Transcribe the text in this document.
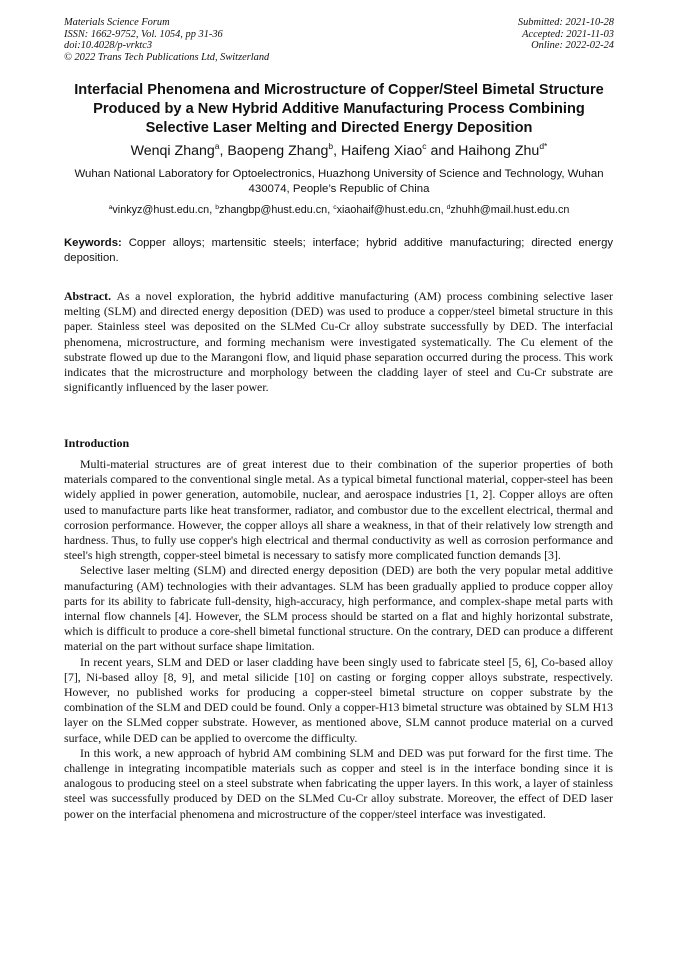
Materials Science Forum
ISSN: 1662-9752, Vol. 1054, pp 31-36
doi:10.4028/p-vrktc3
© 2022 Trans Tech Publications Ltd, Switzerland
Submitted: 2021-10-28
Accepted: 2021-11-03
Online: 2022-02-24
Interfacial Phenomena and Microstructure of Copper/Steel Bimetal Structure Produced by a New Hybrid Additive Manufacturing Process Combining Selective Laser Melting and Directed Energy Deposition
Wenqi Zhang$^a$, Baopeng Zhang$^b$, Haifeng Xiao$^c$ and Haihong Zhu$^{d*}$
Wuhan National Laboratory for Optoelectronics, Huazhong University of Science and Technology, Wuhan 430074, People’s Republic of China
$^a$vinkyz@hust.edu.cn, $^b$zhangbp@hust.edu.cn, $^c$xiaohaif@hust.edu.cn, $^d$zhuhh@mail.hust.edu.cn
Keywords: Copper alloys; martensitic steels; interface; hybrid additive manufacturing; directed energy deposition.
Abstract. As a novel exploration, the hybrid additive manufacturing (AM) process combining selective laser melting (SLM) and directed energy deposition (DED) was used to produce a copper/steel bimetal structure in this paper. Stainless steel was deposited on the SLMed Cu-Cr alloy substrate successfully by DED. The interfacial phenomena, microstructure, and forming mechanism were investigated systematically. The Cu element of the substrate flowed up due to the Marangoni flow, and liquid phase separation occurred during the process. This work indicates that the microstructure and morphology between the cladding layer of steel and Cu-Cr substrate are significantly influenced by the laser power.
Introduction

Multi-material structures are of great interest due to their combination of the superior properties of both materials compared to the conventional single metal. As a typical bimetal functional material, copper-steel has been widely applied in power generation, automobile, nuclear, and aerospace industries [1, 2]. Copper alloys are often used to manufacture parts like heat transformer, radiator, and combustor due to the excellent electrical, thermal and corrosion performance. However, the copper alloys all share a weakness, in that of their relatively low strength and hardness. Thus, to fully use copper's high electrical and thermal conductivity as well as corrosion performance and steel's high strength, copper-steel bimetal is necessary to satisfy more complicated function demands [3].

Selective laser melting (SLM) and directed energy deposition (DED) are both the very popular metal additive manufacturing (AM) technologies with their advantages. SLM has been gradually applied to produce copper alloy parts for its ability to fabricate full-density, high-accuracy, high performance, and complex-shape metal parts with internal flow channels [4]. However, the SLM process should be started on a flat and highly horizontal substrate, which is difficult to produce a core-shell bimetal functional structure. On the contrary, DED can produce a different material on the part without surface shape limitation.

In recent years, SLM and DED or laser cladding have been singly used to fabricate steel [5, 6], Co-based alloy [7], Ni-based alloy [8, 9], and metal silicide [10] on casting or forging copper alloys substrate, respectively. However, no published works for producing a copper-steel bimetal structure on copper substrate by the combination of the SLM and DED could be found. Only a copper-H13 bimetal structure was obtained by SLM H13 layer on the SLMed copper substrate. However, as mentioned above, SLM cannot produce material on a curved surface, while DED can be applied to overcome the difficulty.

In this work, a new approach of hybrid AM combining SLM and DED was put forward for the first time. The challenge in integrating incompatible materials such as copper and steel is in the interface bonding since it is analogous to producing steel on a steel substrate when fabricating the upper layers. In this work, a layer of stainless steel was successfully produced by DED on the SLMed Cu-Cr alloy substrate. Moreover, the effect of DED laser power on the interfacial phenomena and microstructure of the copper/steel interface was investigated.
